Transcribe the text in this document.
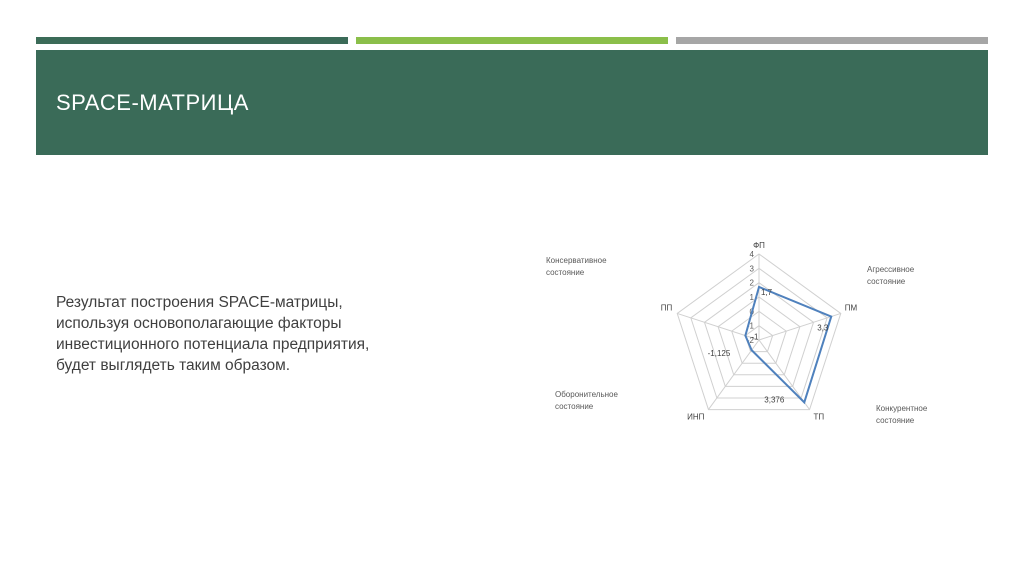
SPACE-МАТРИЦА
Результат построения SPACE-матрицы,
используя основополагающие факторы
инвестиционного потенциала предприятия,
будет выглядеть таким образом.
4
3
2
1
0
-1
-2
1,7
3,3
3,376
-1,125
-1
ФП
ПМ
ТП
ИНП
ПП
Консервативное
состояние	Агрессивное
состояние
Конкурентное
состояние
Оборонительное
состояние
